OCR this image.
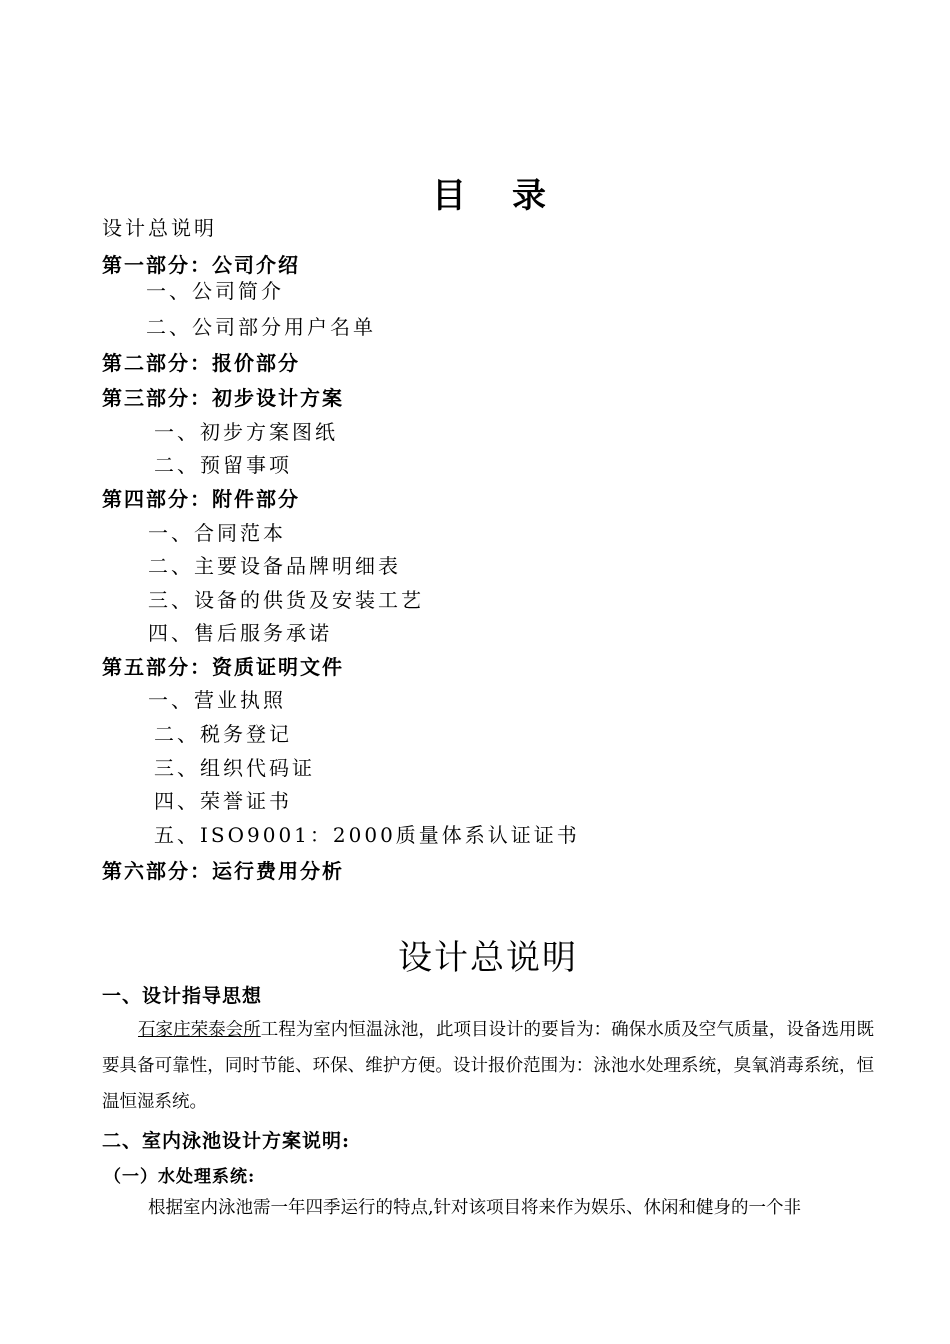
目 录
设计总说明
第一部分：公司介绍
一、公司简介
二、公司部分用户名单
第二部分：报价部分
第三部分：初步设计方案
一、初步方案图纸
二、预留事项
第四部分：附件部分
一、合同范本
二、主要设备品牌明细表
三、设备的供货及安装工艺
四、售后服务承诺
第五部分：资质证明文件
一、营业执照
二、税务登记
三、组织代码证
四、荣誉证书
五、ISO9001：2000质量体系认证证书
第六部分：运行费用分析
设计总说明
一、设计指导思想
石家庄荣泰会所工程为室内恒温泳池，此项目设计的要旨为：确保水质及空气质量，设备选用既要具备可靠性，同时节能、环保、维护方便。设计报价范围为：泳池水处理系统，臭氧消毒系统，恒温恒湿系统。
二、室内泳池设计方案说明:
（一）水处理系统:
根据室内泳池需一年四季运行的特点,针对该项目将来作为娱乐、休闲和健身的一个非
